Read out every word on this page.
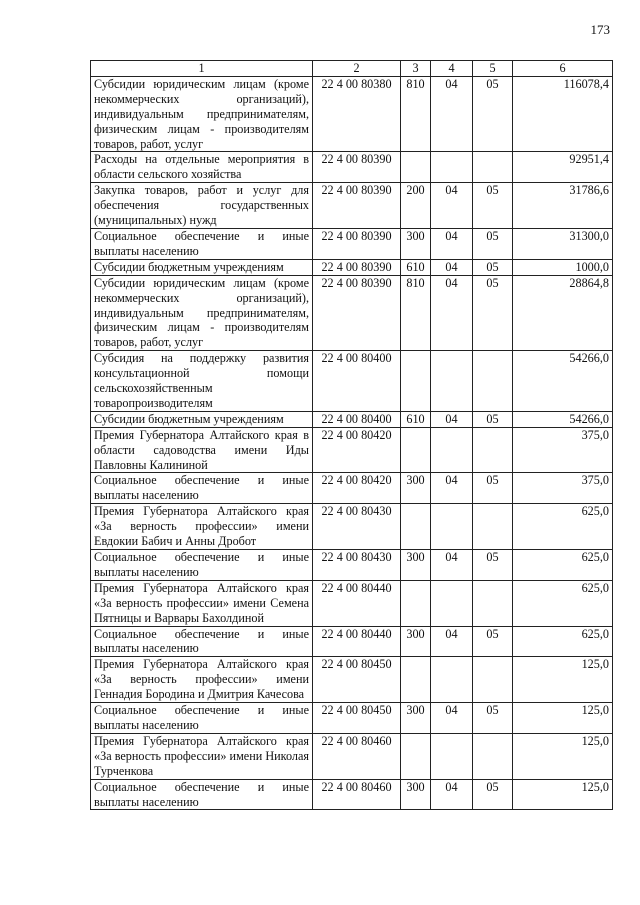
173
1	2	3	4	5	6
Субсидии юридическим лицам (кроме некоммерческих организаций), индивидуальным предпринимателям, физическим лицам - производителям товаров, работ, услуг	22 4 00 80380	810	04	05	116078,4
Расходы на отдельные мероприятия в области сельского хозяйства	22 4 00 80390				92951,4
Закупка товаров, работ и услуг для обеспечения государственных (муниципальных) нужд	22 4 00 80390	200	04	05	31786,6
Социальное обеспечение и иные выплаты населению	22 4 00 80390	300	04	05	31300,0
Субсидии бюджетным учреждениям	22 4 00 80390	610	04	05	1000,0
Субсидии юридическим лицам (кроме некоммерческих организаций), индивидуальным предпринимателям, физическим лицам - производителям товаров, работ, услуг	22 4 00 80390	810	04	05	28864,8
Субсидия на поддержку развития консультационной помощи сельскохозяйственным товаропроизводителям	22 4 00 80400				54266,0
Субсидии бюджетным учреждениям	22 4 00 80400	610	04	05	54266,0
Премия Губернатора Алтайского края в области садоводства имени Иды Павловны Калининой	22 4 00 80420				375,0
Социальное обеспечение и иные выплаты населению	22 4 00 80420	300	04	05	375,0
Премия Губернатора Алтайского края «За верность профессии» имени Евдокии Бабич и Анны Дробот	22 4 00 80430				625,0
Социальное обеспечение и иные выплаты населению	22 4 00 80430	300	04	05	625,0
Премия Губернатора Алтайского края «За верность профессии» имени Семена Пятницы и Варвары Бахолдиной	22 4 00 80440				625,0
Социальное обеспечение и иные выплаты населению	22 4 00 80440	300	04	05	625,0
Премия Губернатора Алтайского края «За верность профессии» имени Геннадия Бородина и Дмитрия Качесова	22 4 00 80450				125,0
Социальное обеспечение и иные выплаты населению	22 4 00 80450	300	04	05	125,0
Премия Губернатора Алтайского края «За верность профессии» имени Николая Турченкова	22 4 00 80460				125,0
Социальное обеспечение и иные выплаты населению	22 4 00 80460	300	04	05	125,0
